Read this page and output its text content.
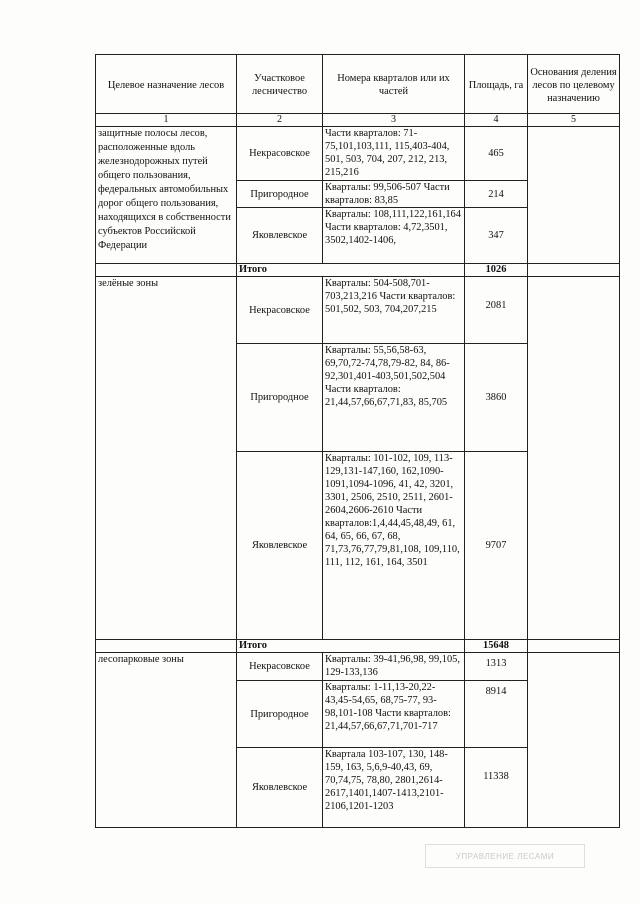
Целевое назначение лесов	Участковое лесничество	Номера кварталов или их частей	Площадь, га	Основания деления лесов по целевому назначению
1	2	3	4	5
защитные полосы лесов, расположенные вдоль железнодорожных путей общего пользования, федеральных автомобильных дорог общего пользования, находящихся в собственности субъектов Российской Федерации	Некрасовское	Части кварталов: 71-75,101,103,111, 115,403-404, 501, 503, 704, 207, 212, 213, 215,216	465	
	Пригородное	Кварталы: 99,506-507 Части кварталов: 83,85	214	
	Яковлевское	Кварталы: 108,111,122,161,164 Части кварталов: 4,72,3501, 3502,1402-1406,	347	
	Итого		1026	
зелёные зоны	Некрасовское	Кварталы: 504-508,701-703,213,216 Части кварталов: 501,502, 503, 704,207,215	2081	
	Пригородное	Кварталы: 55,56,58-63, 69,70,72-74,78,79-82, 84, 86-92,301,401-403,501,502,504 Части кварталов: 21,44,57,66,67,71,83, 85,705	3860	
	Яковлевское	Кварталы: 101-102, 109, 113-129,131-147,160, 162,1090-1091,1094-1096, 41, 42, 3201, 3301, 2506, 2510, 2511, 2601-2604,2606-2610 Части кварталов:1,4,44,45,48,49, 61, 64, 65, 66, 67, 68, 71,73,76,77,79,81,108, 109,110, 111, 112, 161, 164, 3501	9707	
	Итого		15648	
лесопарковые зоны	Некрасовское	Кварталы: 39-41,96,98, 99,105, 129-133,136	1313	
	Пригородное	Кварталы: 1-11,13-20,22-43,45-54,65, 68,75-77, 93-98,101-108 Части кварталов: 21,44,57,66,67,71,701-717	8914	
	Яковлевское	Квартала 103-107, 130, 148-159, 163, 5,6,9-40,43, 69, 70,74,75, 78,80, 2801,2614-2617,1401,1407-1413,2101-2106,1201-1203	11338	
УПРАВЛЕНИЕ ЛЕСАМИ
